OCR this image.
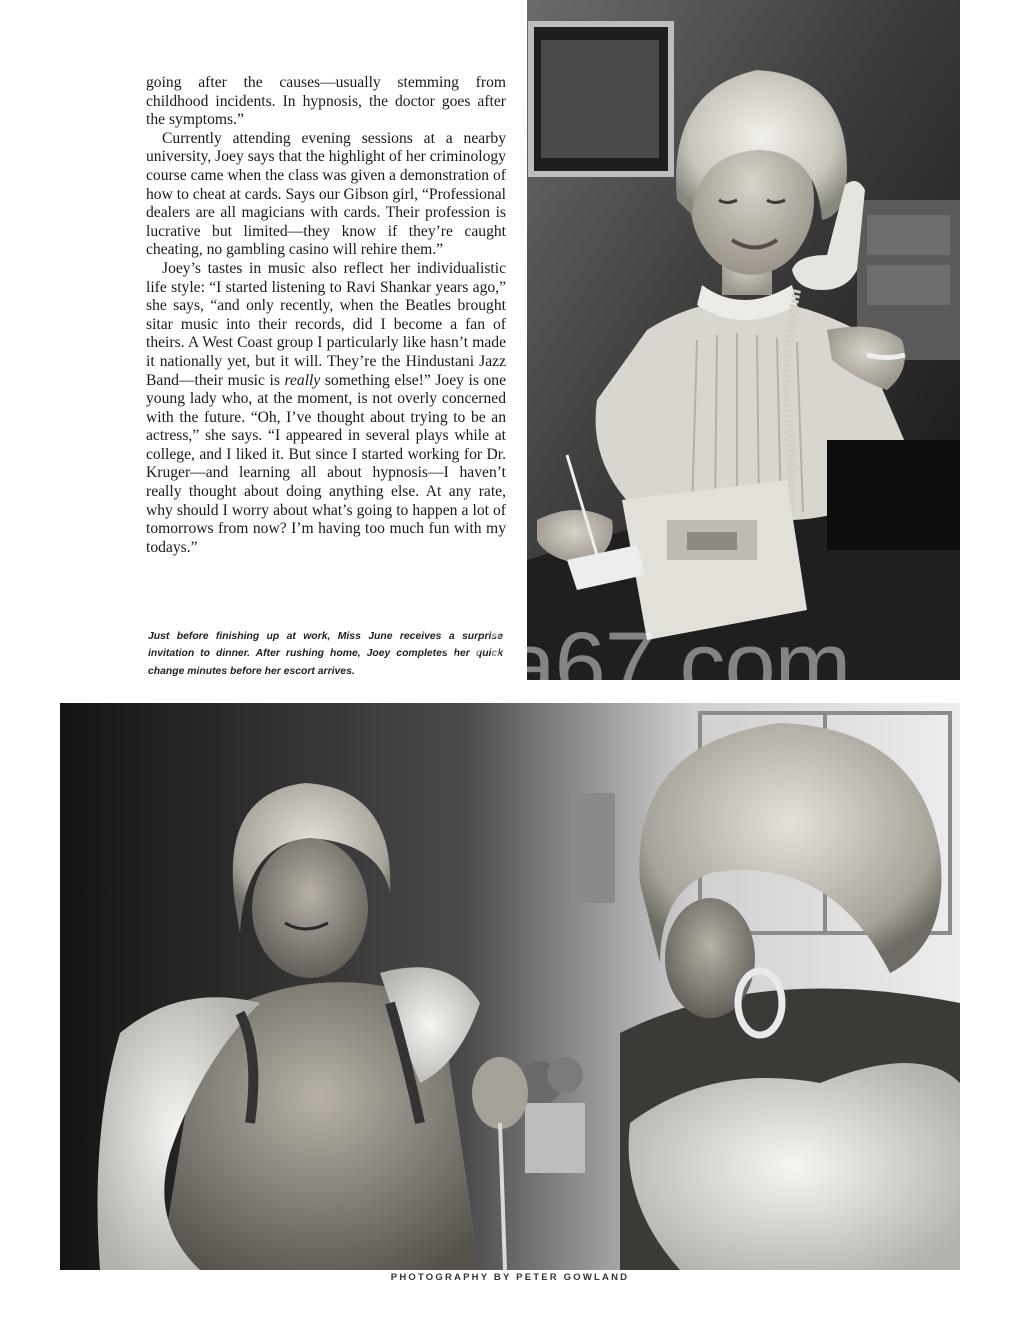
going after the causes—usually stemming from childhood incidents. In hypnosis, the doctor goes after the symptoms.”

Currently attending evening sessions at a nearby university, Joey says that the highlight of her criminology course came when the class was given a demonstration of how to cheat at cards. Says our Gibson girl, “Professional dealers are all magicians with cards. Their profession is lucrative but limited—they know if they’re caught cheating, no gambling casino will rehire them.”

Joey’s tastes in music also reflect her individualistic life style: “I started listening to Ravi Shankar years ago,” she says, “and only recently, when the Beatles brought sitar music into their records, did I become a fan of theirs. A West Coast group I particularly like hasn’t made it nationally yet, but it will. They’re the Hindustani Jazz Band—their music is really something else!” Joey is one young lady who, at the moment, is not overly concerned with the future. “Oh, I’ve thought about trying to be an actress,” she says. “I appeared in several plays while at college, and I liked it. But since I started working for Dr. Kruger—and learning all about hypnosis—I haven’t really thought about doing anything else. At any rate, why should I worry about what’s going to happen a lot of tomorrows from now? I’m having too much fun with my todays.”

Just before finishing up at work, Miss June receives a surprise invitation to dinner. After rushing home, Joey completes her quick change minutes before her escort arrives.
PHOTOGRAPHY BY PETER GOWLAND
xia67.com
